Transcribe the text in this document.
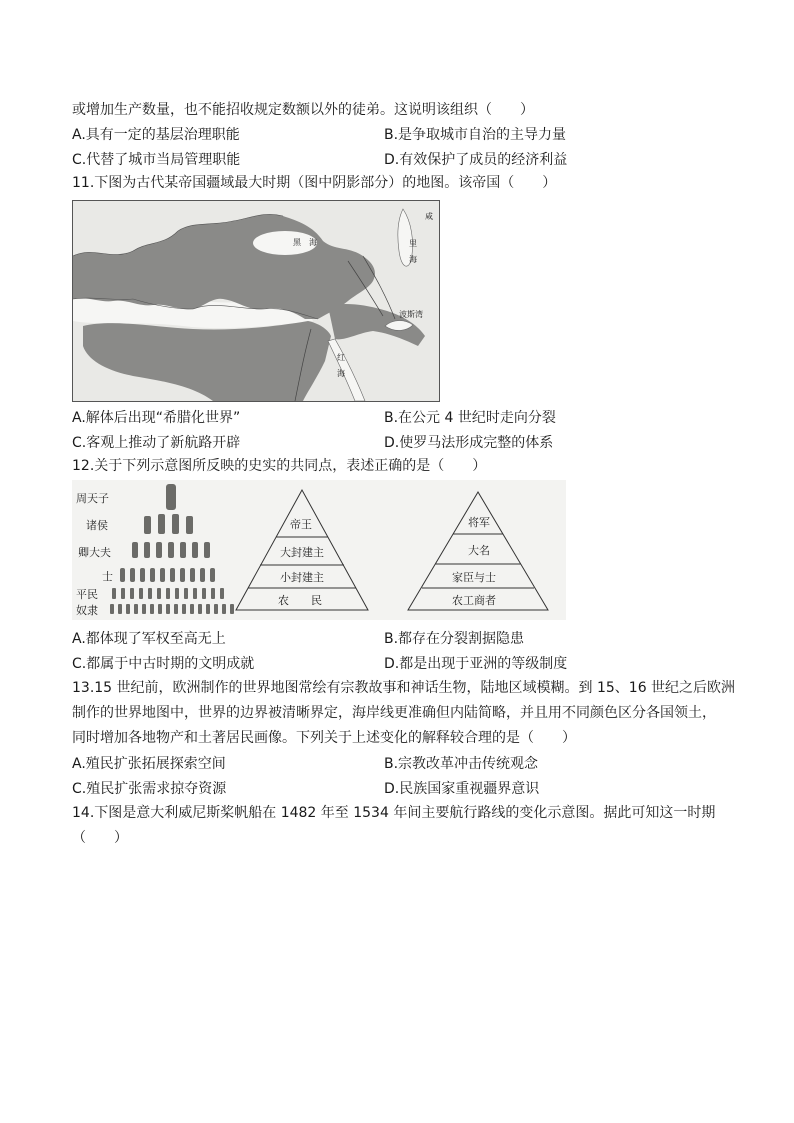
或增加生产数量，也不能招收规定数额以外的徒弟。这说明该组织（　　）
A.具有一定的基层治理职能	B.是争取城市自治的主导力量
C.代替了城市当局管理职能	D.有效保护了成员的经济利益
11.下图为古代某帝国疆域最大时期（图中阴影部分）的地图。该帝国（　　）
黑　海	里　海
红　海
波斯湾
咸
A.解体后出现“希腊化世界”	B.在公元 4 世纪时走向分裂
C.客观上推动了新航路开辟	D.使罗马法形成完整的体系
12.关于下列示意图所反映的史实的共同点，表述正确的是（　　）
周天子
诸侯
卿大夫
士
平民
奴隶
帝王
大封建主
小封建主
农　　民
将军
大名
家臣与士
农工商者
A.都体现了军权至高无上	B.都存在分裂割据隐患
C.都属于中古时期的文明成就	D.都是出现于亚洲的等级制度
13.15 世纪前，欧洲制作的世界地图常绘有宗教故事和神话生物，陆地区域模糊。到 15、16 世纪之后欧洲
制作的世界地图中，世界的边界被清晰界定，海岸线更准确但内陆简略，并且用不同颜色区分各国领土，
同时增加各地物产和土著居民画像。下列关于上述变化的解释较合理的是（　　）
A.殖民扩张拓展探索空间	B.宗教改革冲击传统观念
C.殖民扩张需求掠夺资源	D.民族国家重视疆界意识
14.下图是意大利威尼斯桨帆船在 1482 年至 1534 年间主要航行路线的变化示意图。据此可知这一时期
（　　）
